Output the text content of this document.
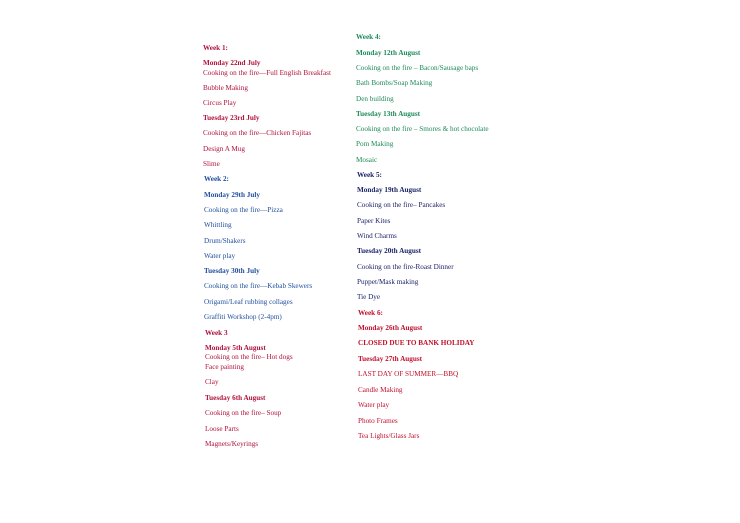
Week 1:
Monday 22nd July
Cooking on the fire—Full English Breakfast
Bubble Making
Circus Play
Tuesday 23rd July
Cooking on the fire—Chicken Fajitas
Design A Mug
Slime
Week 2:
Monday 29th July
Cooking on the fire—Pizza
Whittling
Drum/Shakers
Water play
Tuesday 30th July
Cooking on the fire—Kebab Skewers
Origami/Leaf rubbing collages
Graffiti Workshop (2-4pm)
Week 3
Monday 5th August
Cooking on the fire– Hot dogs
Face painting
Clay
Tuesday 6th August
Cooking on the fire– Soup
Loose Parts
Magnets/Keyrings
Week 4:
Monday 12th August
Cooking on the fire – Bacon/Sausage baps
Bath Bombs/Soap Making
Den building
Tuesday 13th August
Cooking on the fire – Smores & hot chocolate
Pom Making
Mosaic
Week 5:
Monday 19th August
Cooking on the fire– Pancakes
Paper Kites
Wind Charms
Tuesday 20th August
Cooking on the fire-Roast Dinner
Puppet/Mask making
Tie Dye
Week 6:
Monday 26th August
CLOSED DUE TO BANK HOLIDAY
Tuesday 27th August
LAST DAY OF SUMMER—BBQ
Candle Making
Water play
Photo Frames
Tea Lights/Glass Jars
